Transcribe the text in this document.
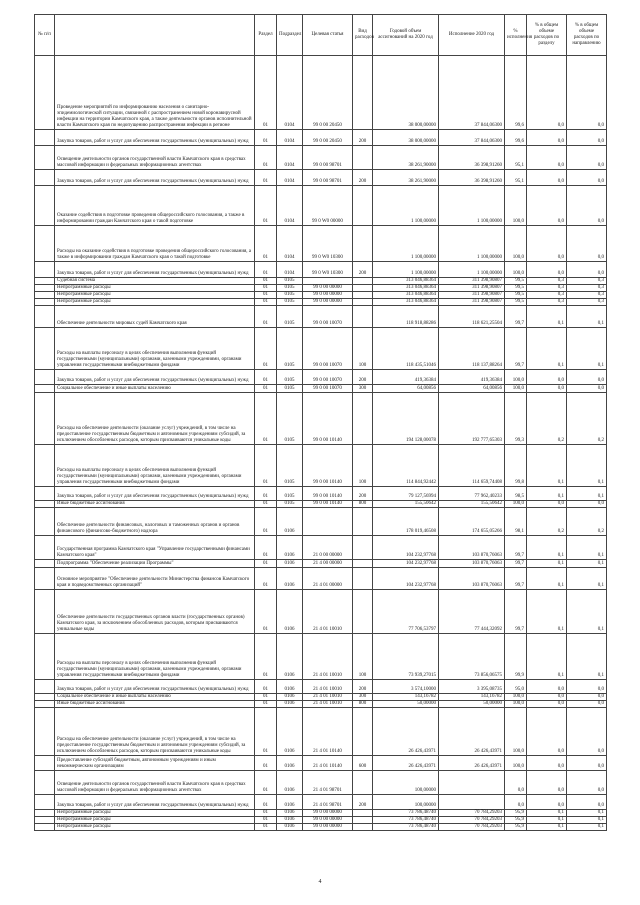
№ п/п		Раздел	Подраздел	Целевая статья	Вид расходов	Годовой объем ассигнований на 2020 год	Исполнение 2020 год	% исполнения	% в общем объеме расходов по разделу	% в общем объеме расходов по направлению
	Проведение мероприятий по информированию населения о санитарно-эпидемиологической ситуации, связанной с распространением новой коронавирусной инфекции на территории Камчатского края, а также деятельности органов исполнительной власти Камчатского края по недопущению распространения инфекции в регионе	01	0104	99 0 00 20450		38 000,00000	37 844,06300	99,6	0,0	0,0
	Закупка товаров, работ и услуг для обеспечения государственных (муниципальных) нужд	01	0104	99 0 00 20450	200	38 000,00000	37 844,06300	99,6	0,0	0,0
	Освещение деятельности органов государственной власти Камчатского края в средствах массовой информации и федеральных информационных агентствах	01	0104	99 0 00 98701		38 261,90000	36 398,91260	95,1	0,0	0,0
	Закупка товаров, работ и услуг для обеспечения государственных (муниципальных) нужд	01	0104	99 0 00 98701	200	38 261,90000	36 398,91260	95,1	0,0	0,0
	Оказание содействия в подготовке проведения общероссийского голосования, а также в информировании граждан Камчатского края о такой подготовке	01	0104	99 0 W0 00000		1 100,00000	1 100,00000	100,0	0,0	0,0
	Расходы на оказание содействия в подготовке проведения общероссийского голосования, а также в информировании граждан Камчатского края о такой подготовке	01	0104	99 0 W0 10300		1 100,00000	1 100,00000	100,0	0,0	0,0
	Закупка товаров, работ и услуг для обеспечения государственных (муниципальных) нужд	01	0104	99 0 W0 10300	200	1 100,00000	1 100,00000	100,0	0,0	0,0
	Судебная система	01	0105			313 046,88364	311 398,90807	99,5	0,3	0,3
	Непрограммные расходы	01	0105	99 0 00 00000		313 046,88364	311 398,90807	99,5	0,3	0,3
	Непрограммные расходы	01	0105	99 0 00 00000		313 046,88364	311 398,90807	99,5	0,3	0,3
	Непрограммные расходы	01	0105	99 0 00 00000		313 046,88364	311 398,90807	99,5	0,3	0,3
	Обеспечение деятельности мировых судей Камчатского края	01	0105	99 0 00 10070		118 918,88286	118 621,25504	99,7	0,1	0,1
	Расходы на выплаты персоналу в целях обеспечения выполнения функций государственными (муниципальными) органами, казенными учреждениями, органами управления государственными внебюджетными фондами	01	0105	99 0 00 10070	100	118 435,51046	118 137,88264	99,7	0,1	0,1
	Закупка товаров, работ и услуг для обеспечения государственных (муниципальных) нужд	01	0105	99 0 00 10070	200	419,36384	419,36384	100,0	0,0	0,0
	Социальное обеспечение и иные выплаты населению	01	0105	99 0 00 10070	300	64,00856	64,00856	100,0	0,0	0,0
	Расходы на обеспечение деятельности (оказание услуг) учреждений, в том числе на предоставление государственным бюджетным и автономным учреждениям субсидий, за исключением обособленных расходов, которым присваиваются уникальные коды	01	0105	99 0 00 10140		194 128,00078	192 777,65303	99,3	0,2	0,2
	Расходы на выплаты персоналу в целях обеспечения выполнения функций государственными (муниципальными) органами, казенными учреждениями, органами управления государственными внебюджетными фондами	01	0105	99 0 00 10140	100	114 844,92442	114 659,74408	99,8	0,1	0,1
	Закупка товаров, работ и услуг для обеспечения государственных (муниципальных) нужд	01	0105	99 0 00 10140	200	79 127,56994	77 962,40233	98,5	0,1	0,1
	Иные бюджетные ассигнования	01	0105	99 0 00 10140	800	155,50642	155,50642	100,0	0,0	0,0
	Обеспечение деятельности финансовых, налоговых и таможенных органов и органов финансового (финансово-бюджетного) надзора	01	0106			178 019,46508	174 655,05266	98,1	0,2	0,2
	Государственная программа Камчатского края "Управление государственными финансами Камчатского края"	01	0106	21 0 00 00000		104 232,97768	103 870,76063	99,7	0,1	0,1
	Подпрограмма "Обеспечение реализации Программы"	01	0106	21 4 00 00000		104 232,97768	103 870,76063	99,7	0,1	0,1
	Основное мероприятие "Обеспечение деятельности Министерства финансов Камчатского края и подведомственных организаций"	01	0106	21 4 01 00000		104 232,97768	103 870,76063	99,7	0,1	0,1
	Обеспечение деятельности государственных органов власти (государственных органов) Камчатского края, за исключением обособленных расходов, которым присваиваются уникальные коды	01	0106	21 4 01 10010		77 706,53797	77 444,32092	99,7	0,1	0,1
	Расходы на выплаты персоналу в целях обеспечения выполнения функций государственными (муниципальными) органами, казенными учреждениями, органами управления государственными внебюджетными фондами	01	0106	21 4 01 10010	100	73 939,27015	73 856,06575	99,9	0,1	0,1
	Закупка товаров, работ и услуг для обеспечения государственных (муниципальных) нужд	01	0106	21 4 01 10010	200	3 574,10000	3 395,08735	95,0	0,0	0,0
	Социальное обеспечение и иные выплаты населению	01	0106	21 4 01 10010	300	143,16782	143,16782	100,0	0,0	0,0
	Иные бюджетные ассигнования	01	0106	21 4 01 10010	800	50,00000	50,00000	100,0	0,0	0,0
	Расходы на обеспечение деятельности (оказание услуг) учреждений, в том числе на предоставление государственным бюджетным и автономным учреждениям субсидий, за исключением обособленных расходов, которым присваиваются уникальные коды	01	0106	21 4 01 10140		26 426,43971	26 426,43971	100,0	0,0	0,0
	Предоставление субсидий бюджетным, автономным учреждениям и иным некоммерческим организациям	01	0106	21 4 01 10140	600	26 426,43971	26 426,43971	100,0	0,0	0,0
	Освещение деятельности органов государственной власти Камчатского края в средствах массовой информации и федеральных информационных агентствах	01	0106	21 4 01 98701		100,00000		0,0	0,0	0,0
	Закупка товаров, работ и услуг для обеспечения государственных (муниципальных) нужд	01	0106	21 4 01 98701	200	100,00000		0,0	0,0	0,0
	Непрограммные расходы	01	0106	99 0 00 00000		73 786,48740	70 784,29203	95,9	0,1	0,1
	Непрограммные расходы	01	0106	99 0 00 00000		73 786,48740	70 784,29203	95,9	0,1	0,1
	Непрограммные расходы	01	0106	99 0 00 00000		73 786,48740	70 784,29203	95,9	0,1	0,1
4
